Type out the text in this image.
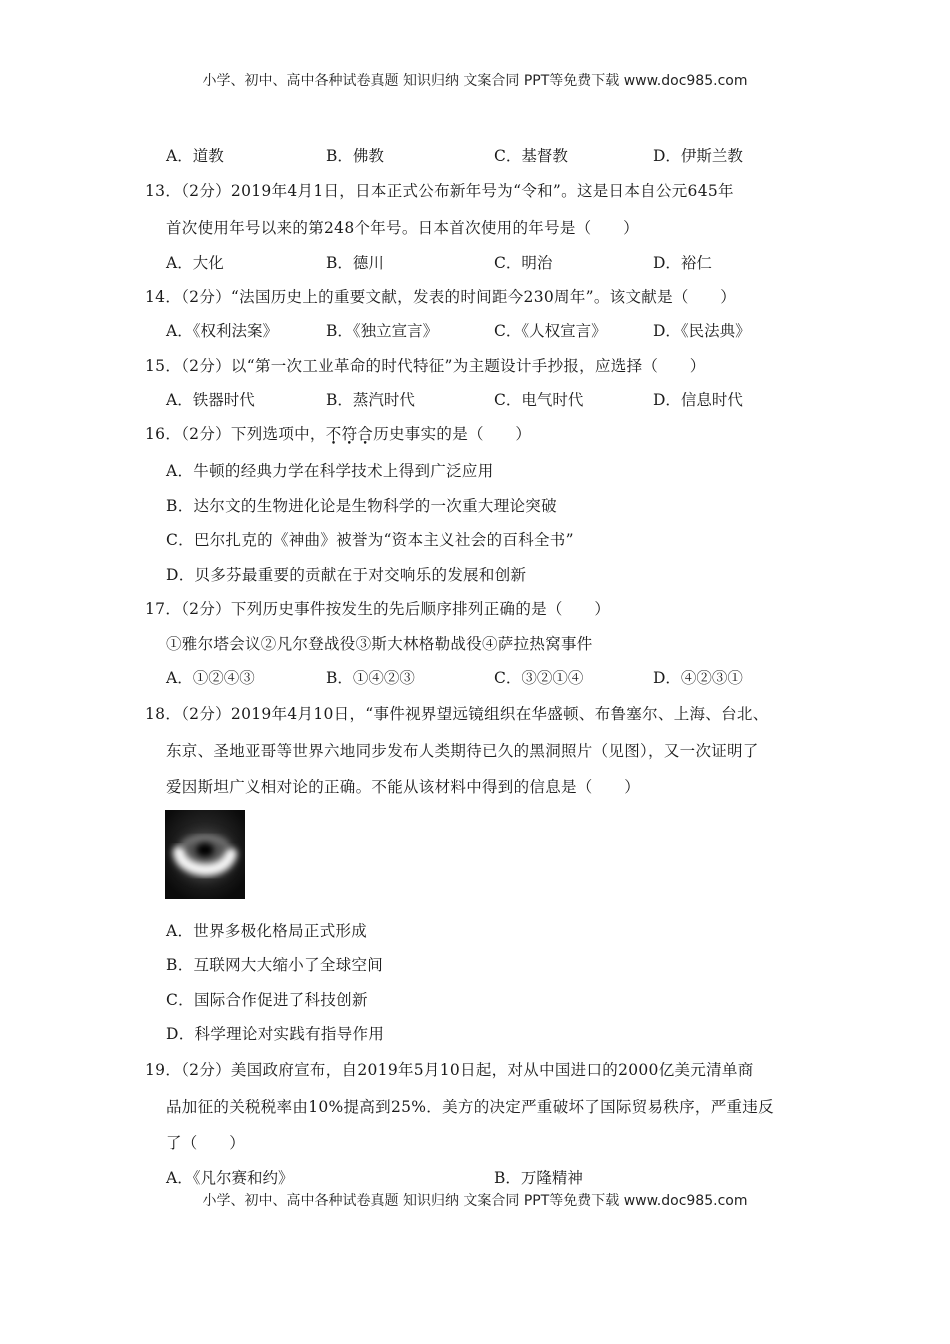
小学、初中、高中各种试卷真题 知识归纳 文案合同 PPT等免费下载 www.doc985.com
A．道教	B．佛教	C．基督教	D．伊斯兰教
13．（2分）2019年4月1日，日本正式公布新年号为“令和”。这是日本自公元645年
首次使用年号以来的第248个年号。日本首次使用的年号是（　　）
A．大化	B．德川	C．明治	D．裕仁
14．（2分）“法国历史上的重要文献，发表的时间距今230周年”。该文献是（　　）
A．《权利法案》	B．《独立宣言》	C．《人权宣言》	D．《民法典》
15．（2分）以“第一次工业革命的时代特征”为主题设计手抄报，应选择（　　）
A．铁器时代	B．蒸汽时代	C．电气时代	D．信息时代
16．（2分）下列选项中，不符合历史事实的是（　　）
A．牛顿的经典力学在科学技术上得到广泛应用
B．达尔文的生物进化论是生物科学的一次重大理论突破
C．巴尔扎克的《神曲》被誉为“资本主义社会的百科全书”
D．贝多芬最重要的贡献在于对交响乐的发展和创新
17．（2分）下列历史事件按发生的先后顺序排列正确的是（　　）
①雅尔塔会议②凡尔登战役③斯大林格勒战役④萨拉热窝事件
A．①②④③	B．①④②③	C．③②①④	D．④②③①
18．（2分）2019年4月10日，“事件视界望远镜组织在华盛顿、布鲁塞尔、上海、台北、
东京、圣地亚哥等世界六地同步发布人类期待已久的黑洞照片（见图），又一次证明了
爱因斯坦广义相对论的正确。不能从该材料中得到的信息是（　　）
A．世界多极化格局正式形成
B．互联网大大缩小了全球空间
C．国际合作促进了科技创新
D．科学理论对实践有指导作用
19．（2分）美国政府宣布，自2019年5月10日起，对从中国进口的2000亿美元清单商
品加征的关税税率由10%提高到25%．美方的决定严重破坏了国际贸易秩序，严重违反
了（　　）
A．《凡尔赛和约》	B．万隆精神
小学、初中、高中各种试卷真题 知识归纳 文案合同 PPT等免费下载 www.doc985.com
